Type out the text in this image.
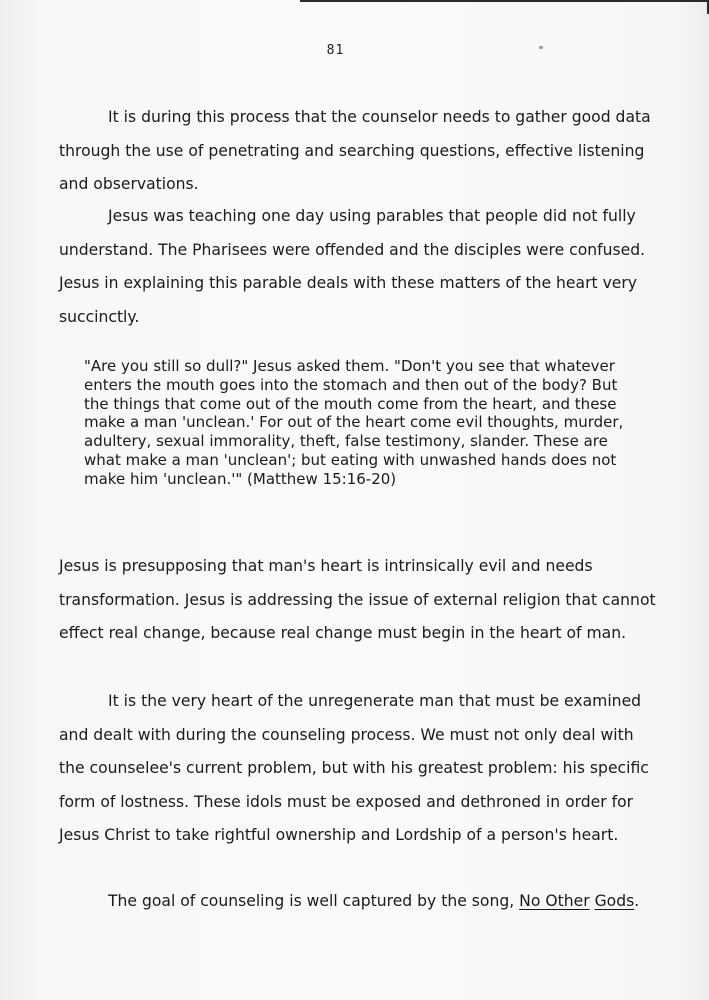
81

It is during this process that the counselor needs to gather good data through the use of penetrating and searching questions, effective listening and observations.

Jesus was teaching one day using parables that people did not fully understand. The Pharisees were offended and the disciples were confused. Jesus in explaining this parable deals with these matters of the heart very succinctly.

"Are you still so dull?" Jesus asked them. "Don't you see that whatever enters the mouth goes into the stomach and then out of the body? But the things that come out of the mouth come from the heart, and these make a man 'unclean.' For out of the heart come evil thoughts, murder, adultery, sexual immorality, theft, false testimony, slander. These are what make a man 'unclean'; but eating with unwashed hands does not make him 'unclean.'" (Matthew 15:16-20)

Jesus is presupposing that man's heart is intrinsically evil and needs transformation. Jesus is addressing the issue of external religion that cannot effect real change, because real change must begin in the heart of man.

It is the very heart of the unregenerate man that must be examined and dealt with during the counseling process. We must not only deal with the counselee's current problem, but with his greatest problem: his specific form of lostness. These idols must be exposed and dethroned in order for Jesus Christ to take rightful ownership and Lordship of a person's heart.

The goal of counseling is well captured by the song, No Other Gods.
